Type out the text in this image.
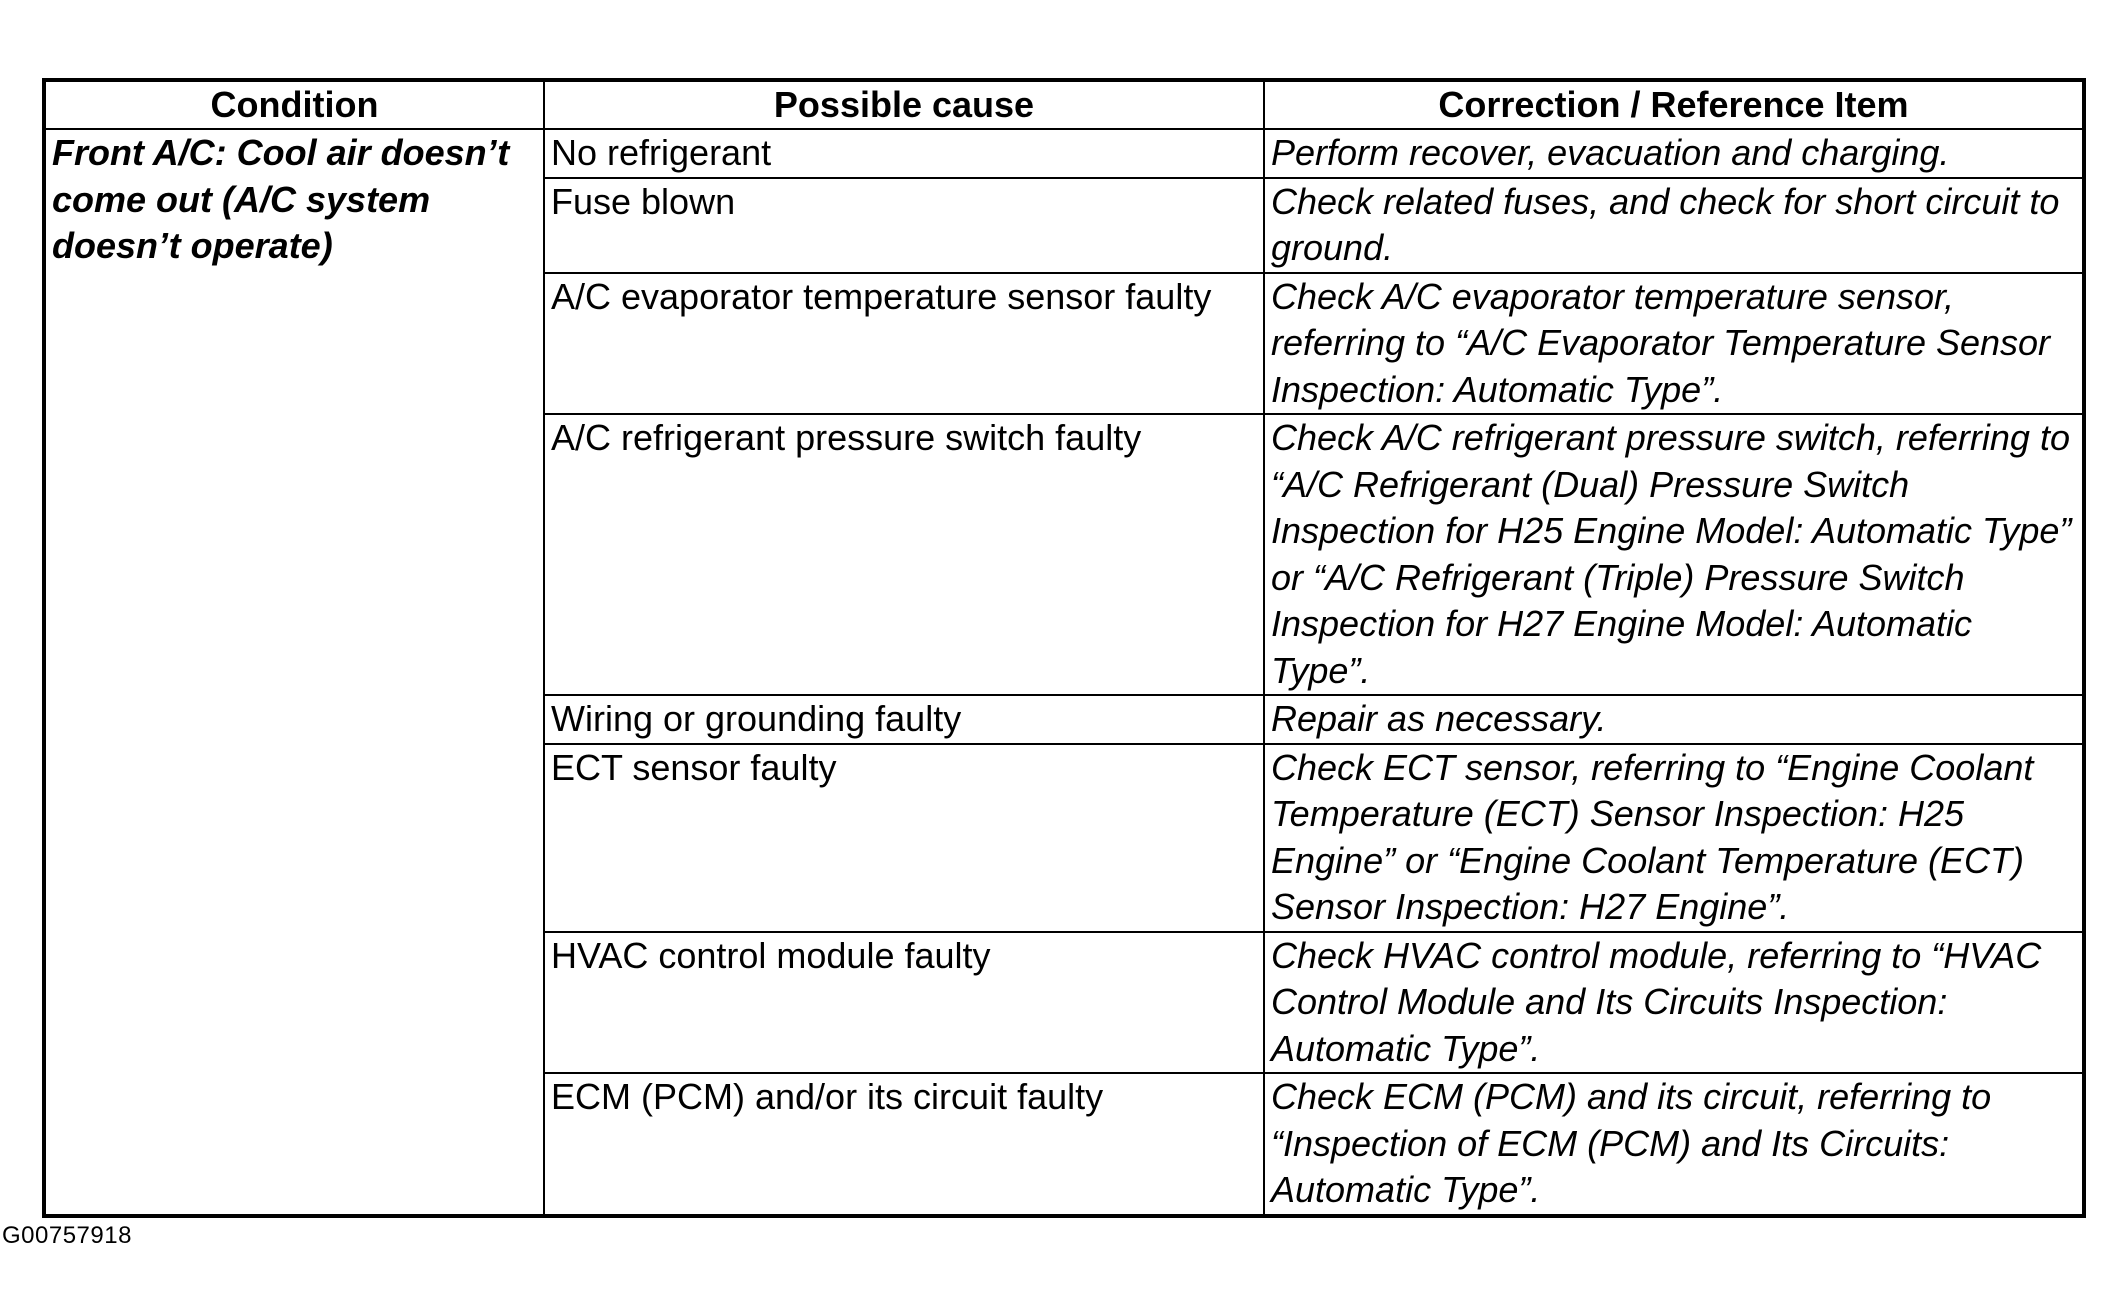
Condition	Possible cause	Correction / Reference Item
Front A/C: Cool air doesn’t come out (A/C system doesn’t operate)	No refrigerant	Perform recover, evacuation and charging.
	Fuse blown	Check related fuses, and check for short circuit to ground.
	A/C evaporator temperature sensor faulty	Check A/C evaporator temperature sensor, referring to “A/C Evaporator Temperature Sensor Inspection: Automatic Type”.
	A/C refrigerant pressure switch faulty	Check A/C refrigerant pressure switch, referring to “A/C Refrigerant (Dual) Pressure Switch Inspection for H25 Engine Model: Automatic Type” or “A/C Refrigerant (Triple) Pressure Switch Inspection for H27 Engine Model: Automatic Type”.
	Wiring or grounding faulty	Repair as necessary.
	ECT sensor faulty	Check ECT sensor, referring to “Engine Coolant Temperature (ECT) Sensor Inspection: H25 Engine” or “Engine Coolant Temperature (ECT) Sensor Inspection: H27 Engine”.
	HVAC control module faulty	Check HVAC control module, referring to “HVAC Control Module and Its Circuits Inspection: Automatic Type”.
	ECM (PCM) and/or its circuit faulty	Check ECM (PCM) and its circuit, referring to “Inspection of ECM (PCM) and Its Circuits: Automatic Type”.
G00757918
